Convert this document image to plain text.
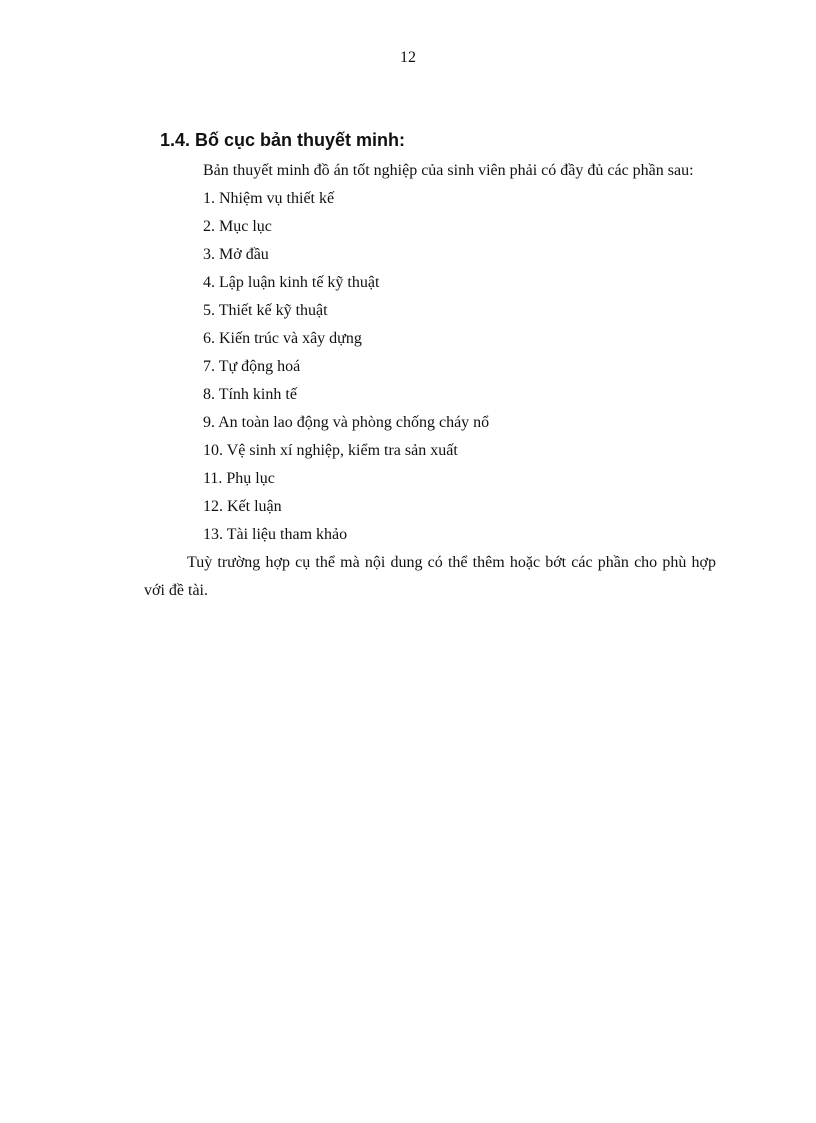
12
1.4. Bố cục bản thuyết minh:

Bản thuyết minh đồ án tốt nghiệp của sinh viên phải có đầy đủ các phần sau:

1. Nhiệm vụ thiết kế
2. Mục lục
3. Mở đầu
4. Lập luận kinh tế kỹ thuật
5. Thiết kế kỹ thuật
6. Kiến trúc và xây dựng
7. Tự động hoá
8. Tính kinh tế
9. An toàn lao động và phòng chống cháy nổ
10. Vệ sinh xí nghiệp, kiểm tra sản xuất
11. Phụ lục
12. Kết luận
13. Tài liệu tham khảo

Tuỳ trường hợp cụ thể mà nội dung có thể thêm hoặc bớt các phần cho phù hợp với đề tài.
